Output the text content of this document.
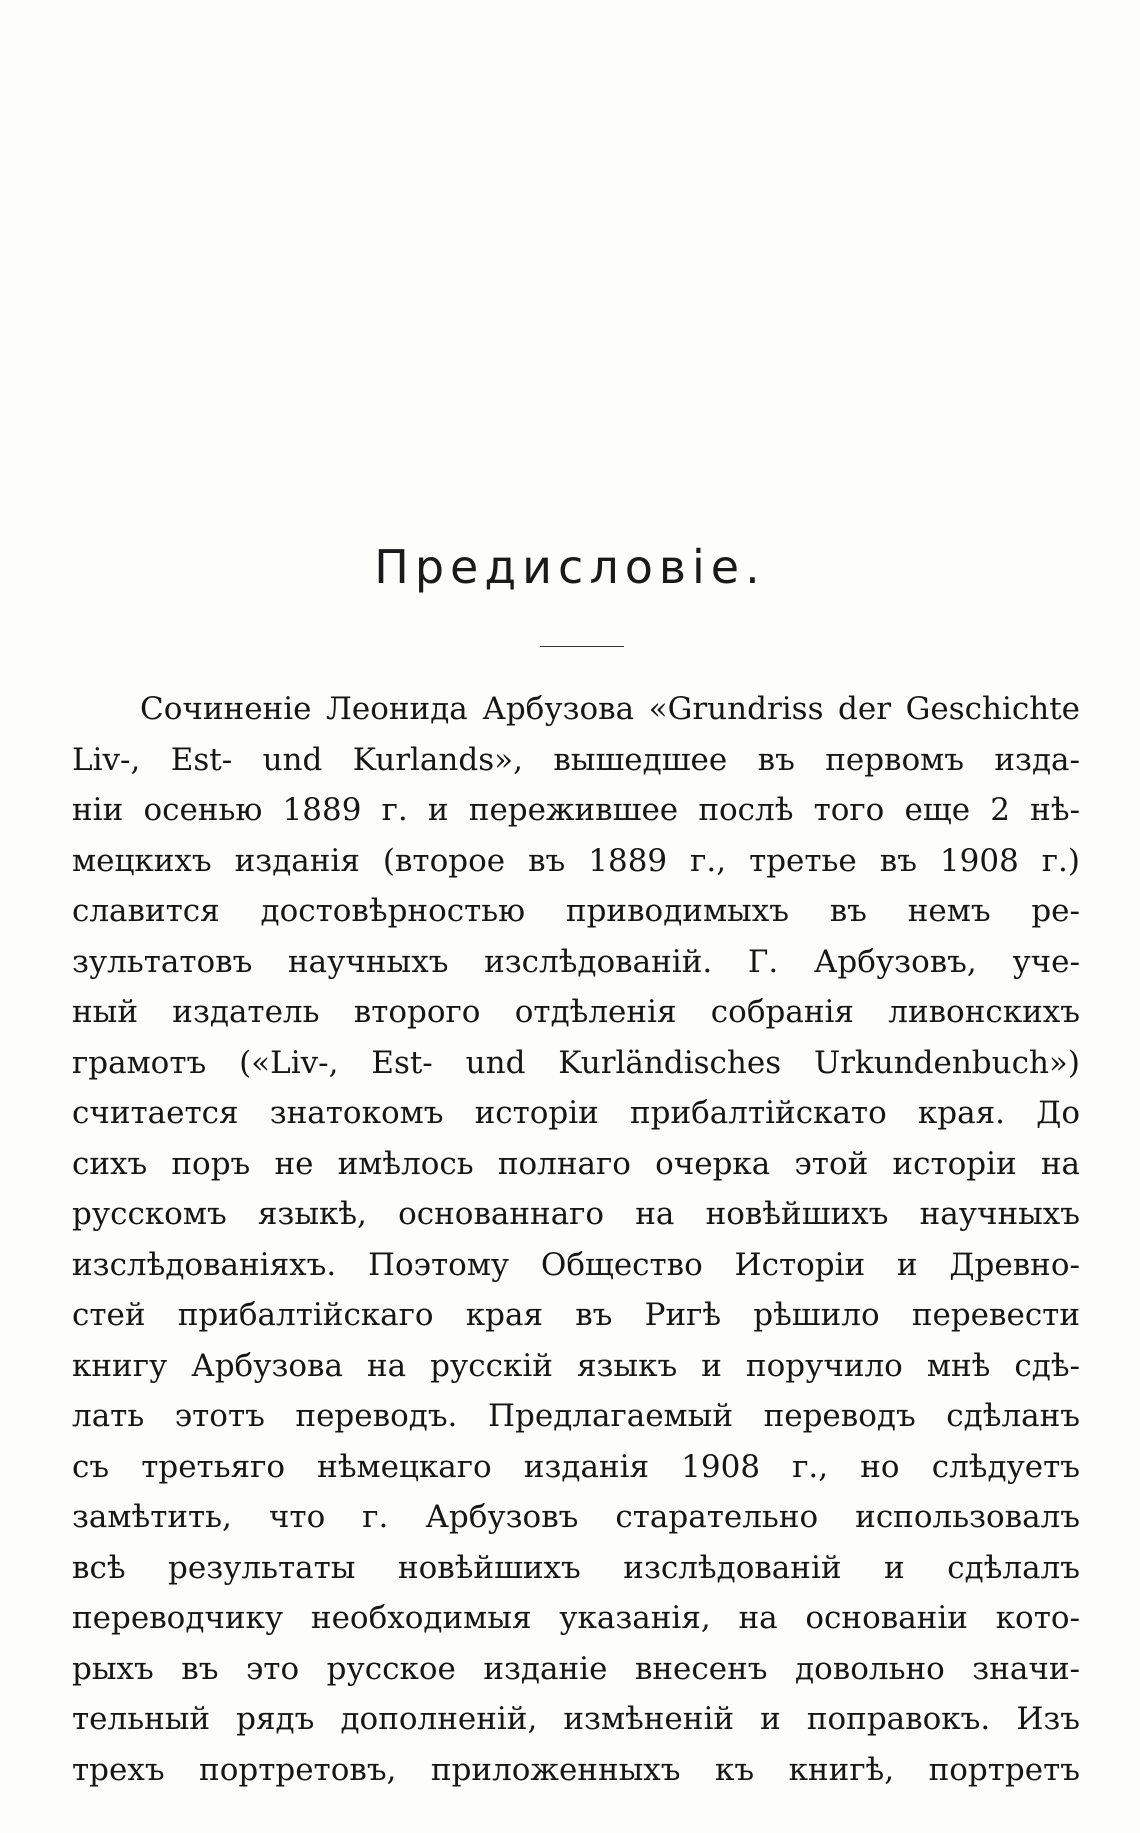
Предисловіе.
Сочиненіе Леонида Арбузова «Grundriss der Geschichte
Liv-, Est- und Kurlands», вышедшее въ первомъ изда-
ніи осенью 1889 г. и пережившее послѣ того еще 2 нѣ-
мецкихъ изданія (второе въ 1889 г., третье въ 1908 г.)
славится достовѣрностью приводимыхъ въ немъ ре-
зультатовъ научныхъ изслѣдованій. Г. Арбузовъ, уче-
ный издатель второго отдѣленія собранія ливонскихъ
грамотъ («Liv-, Est- und Kurländisches Urkundenbuch»)
считается знатокомъ исторіи прибалтійскато края. До
сихъ поръ не имѣлось полнаго очерка этой исторіи на
русскомъ языкѣ, основаннаго на новѣйшихъ научныхъ
изслѣдованіяхъ. Поэтому Общество Исторіи и Древно-
стей прибалтійскаго края въ Ригѣ рѣшило перевести
книгу Арбузова на русскій языкъ и поручило мнѣ сдѣ-
лать этотъ переводъ. Предлагаемый переводъ сдѣланъ
съ третьяго нѣмецкаго изданія 1908 г., но слѣдуетъ
замѣтить, что г. Арбузовъ старательно использовалъ
всѣ результаты новѣйшихъ изслѣдованій и сдѣлалъ
переводчику необходимыя указанія, на основаніи кото-
рыхъ въ это русское изданіе внесенъ довольно значи-
тельный рядъ дополненій, измѣненій и поправокъ. Изъ
трехъ портретовъ, приложенныхъ къ книгѣ, портретъ
